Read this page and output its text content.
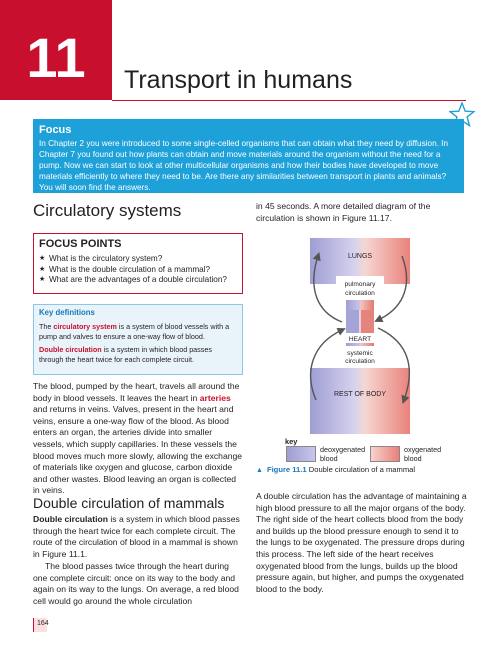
11	Transport in humans
Focus
In Chapter 2 you were introduced to some single-celled organisms that can obtain what they need by diffusion. In Chapter 7 you found out how plants can obtain and move materials around the organism without the need for a pump. Now we can start to look at other multicellular organisms and how their bodies have developed to move materials efficiently to where they need to be. Are there any similarities between transport in plants and animals? You will soon find the answers.
Circulatory systems
FOCUS POINTS
★ What is the circulatory system?
★ What is the double circulation of a mammal?
★ What are the advantages of a double circulation?
Key definitions
The circulatory system is a system of blood vessels with a pump and valves to ensure a one-way flow of blood.
Double circulation is a system in which blood passes through the heart twice for each complete circuit.
The blood, pumped by the heart, travels all around the body in blood vessels. It leaves the heart in arteries and returns in veins. Valves, present in the heart and veins, ensure a one-way flow of the blood. As blood enters an organ, the arteries divide into smaller vessels, which supply capillaries. In these vessels the blood moves much more slowly, allowing the exchange of materials like oxygen and glucose, carbon dioxide and other wastes. Blood leaving an organ is collected in veins.
Double circulation of mammals
Double circulation is a system in which blood passes through the heart twice for each complete circuit. The route of the circulation of blood in a mammal is shown in Figure 11.1.
The blood passes twice through the heart during one complete circuit: once on its way to the body and again on its way to the lungs. On average, a red blood cell would go around the whole circulation
in 45 seconds. A more detailed diagram of the circulation is shown in Figure 11.17.
LUNGS
pulmonary
circulation
HEART
systemic
circulation
REST OF BODY
key
deoxygenated
blood
oxygenated
blood
▲ Figure 11.1 Double circulation of a mammal
A double circulation has the advantage of maintaining a high blood pressure to all the major organs of the body. The right side of the heart collects blood from the body and builds up the blood pressure enough to send it to the lungs to be oxygenated. The pressure drops during this process. The left side of the heart receives oxygenated blood from the lungs, builds up the blood pressure again, but higher, and pumps the oxygenated blood to the body.
164
